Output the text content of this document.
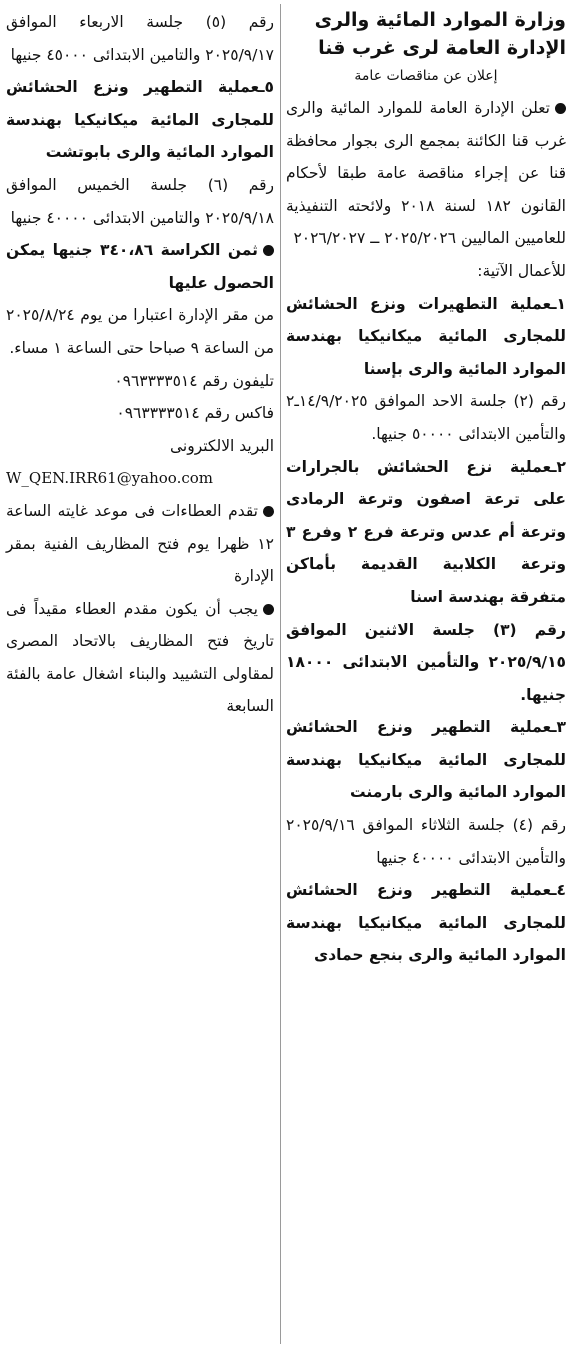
وزارة الموارد المائية والرى
الإدارة العامة لرى غرب قنا
إعلان عن مناقصات عامة

تعلن الإدارة العامة للموارد المائية والرى غرب قنا الكائنة بمجمع الرى بجوار محافظة قنا عن إجراء مناقصة عامة طبقا لأحكام القانون ١٨٢ لسنة ٢٠١٨ ولائحته التنفيذية للعاميين الماليين ٢٠٢٥/٢٠٢٦ ــ ٢٠٢٦/٢٠٢٧

للأعمال الآتية:

١ـعملية التطهيرات ونزع الحشائش للمجارى المائية ميكانيكيا بهندسة الموارد المائية والرى بإسنا

رقم (٢) جلسة الاحد الموافق ١٤/٩/٢٠٢٥ـ٢ والتأمين الابتدائى ٥٠٠٠٠ جنيها.

٢ـعملية نزع الحشائش بالجرارات على ترعة اصفون وترعة الرمادى وترعة أم عدس وترعة فرع ٢ وفرع ٣ وترعة الكلابية القديمة بأماكن متفرقة بهندسة اسنا

رقم (٣) جلسة الاثنين الموافق ٢٠٢٥/٩/١٥ والتأمين الابتدائى ١٨٠٠٠ جنيها.

٣ـعملية التطهير ونزع الحشائش للمجارى المائية ميكانيكيا بهندسة الموارد المائية والرى بارمنت

رقم (٤) جلسة الثلاثاء الموافق ٢٠٢٥/٩/١٦ والتأمين الابتدائى ٤٠٠٠٠ جنيها

٤ـعملية التطهير ونزع الحشائش للمجارى المائية ميكانيكيا بهندسة الموارد المائية والرى بنجع حمادى

رقم (٥) جلسة الاربعاء الموافق ٢٠٢٥/٩/١٧ والتامين الابتدائى ٤٥٠٠٠ جنيها

٥ـعملية التطهير ونزع الحشائش للمجارى المائية ميكانيكيا بهندسة الموارد المائية والرى بابوتشت

رقم (٦) جلسة الخميس الموافق ٢٠٢٥/٩/١٨ والتامين الابتدائى ٤٠٠٠٠ جنيها

ثمن الكراسة ٣٤٠،٨٦ جنيها يمكن الحصول عليها

من مقر الإدارة اعتبارا من يوم ٢٠٢٥/٨/٢٤ من الساعة ٩ صباحا حتى الساعة ١ مساء.

تليفون رقم ٠٩٦٣٣٣٣٥١٤

فاكس رقم ٠٩٦٣٣٣٣٥١٤

البريد الالكترونى

W_QEN.IRR61@yahoo.com

تقدم العطاءات فى موعد غايته الساعة ١٢ ظهرا يوم فتح المظاريف الفنية بمقر الإدارة

يجب أن يكون مقدم العطاء مقيداً فى تاريخ فتح المظاريف بالاتحاد المصرى لمقاولى التشييد والبناء اشغال عامة بالفئة السابعة
